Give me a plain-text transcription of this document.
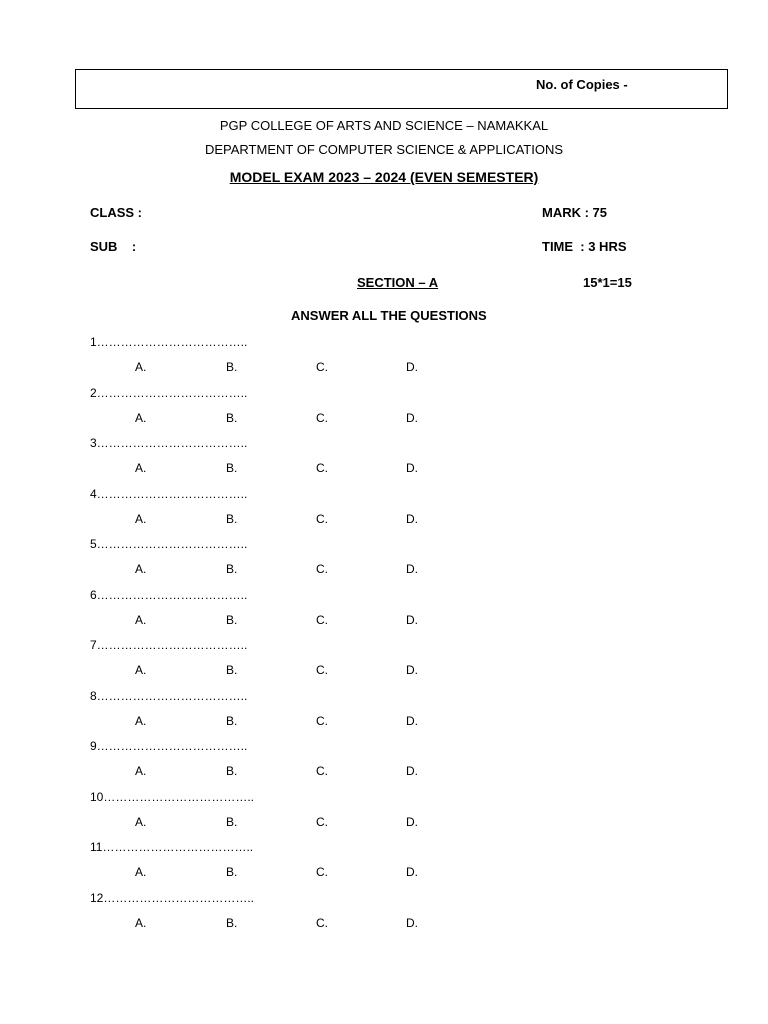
No. of Copies -
PGP COLLEGE OF ARTS AND SCIENCE – NAMAKKAL
DEPARTMENT OF COMPUTER SCIENCE & APPLICATIONS
MODEL EXAM 2023 – 2024 (EVEN SEMESTER)
CLASS :	MARK : 75
SUB    :	TIME  : 3 HRS
SECTION – A	15*1=15
ANSWER ALL THE QUESTIONS
1………………………………..
A.	B.	C.	D.
2………………………………..
A.	B.	C.	D.
3………………………………..
A.	B.	C.	D.
4………………………………..
A.	B.	C.	D.
5………………………………..
A.	B.	C.	D.
6………………………………..
A.	B.	C.	D.
7………………………………..
A.	B.	C.	D.
8………………………………..
A.	B.	C.	D.
9………………………………..
A.	B.	C.	D.
10………………………………..
A.	B.	C.	D.
11………………………………..
A.	B.	C.	D.
12………………………………..
A.	B.	C.	D.
